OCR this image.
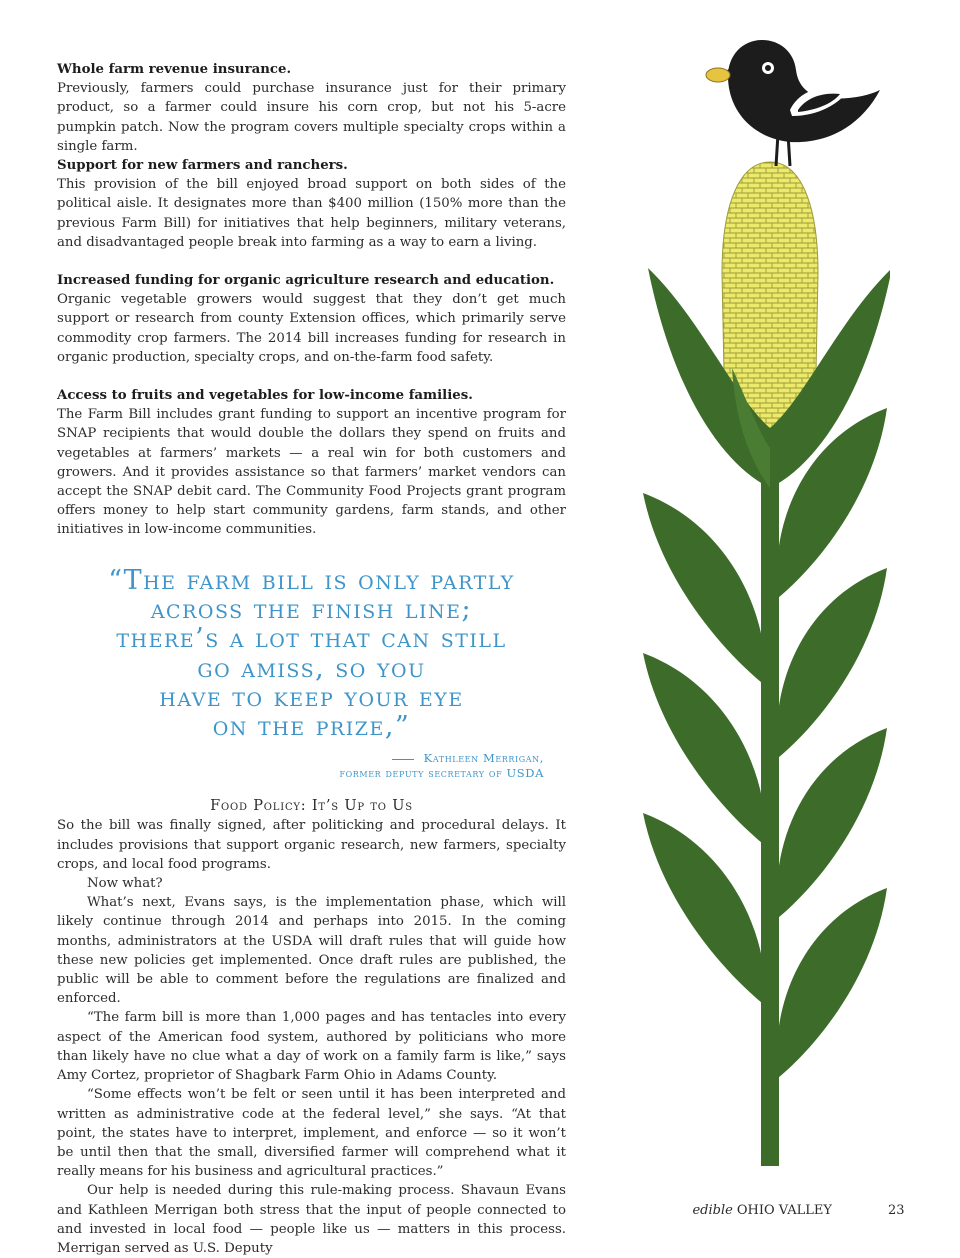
Whole farm revenue insurance.

Previously, farmers could purchase insurance just for their primary product, so a farmer could insure his corn crop, but not his 5-acre pumpkin patch. Now the program covers multiple specialty crops within a single farm.

Support for new farmers and ranchers.

This provision of the bill enjoyed broad support on both sides of the political aisle. It designates more than $400 million (150% more than the previous Farm Bill) for initiatives that help beginners, military veterans, and disadvantaged people break into farming as a way to earn a living.

Increased funding for organic agriculture research and education.

Organic vegetable growers would suggest that they don’t get much support or research from county Extension offices, which primarily serve commodity crop farmers. The 2014 bill increases funding for research in organic production, specialty crops, and on-the-farm food safety.

Access to fruits and vegetables for low-income families.

The Farm Bill includes grant funding to support an incentive program for SNAP recipients that would double the dollars they spend on fruits and vegetables at farmers’ markets — a real win for both customers and growers. And it provides assistance so that farmers’ market vendors can accept the SNAP debit card. The Community Food Projects grant program offers money to help start community gardens, farm stands, and other initiatives in low-income communities.

“The farm bill is only partly
across the finish line;
there’s a lot that can still
go amiss, so you
have to keep your eye
on the prize,”
Kathleen Merrigan,
former deputy secretary of USDA
Food Policy: It’s Up to Us

So the bill was finally signed, after politicking and procedural delays. It includes provisions that support organic research, new farmers, specialty crops, and local food programs.

Now what?

What’s next, Evans says, is the implementation phase, which will likely continue through 2014 and perhaps into 2015. In the coming months, administrators at the USDA will draft rules that will guide how these new policies get implemented. Once draft rules are published, the public will be able to comment before the regulations are finalized and enforced.

“The farm bill is more than 1,000 pages and has tentacles into every aspect of the American food system, authored by politicians who more than likely have no clue what a day of work on a family farm is like,” says Amy Cortez, proprietor of Shagbark Farm Ohio in Adams County.

“Some effects won’t be felt or seen until it has been interpreted and written as administrative code at the federal level,” she says. “At that point, the states have to interpret, implement, and enforce — so it won’t be until then that the small, diversified farmer will comprehend what it really means for his business and agricultural practices.”

Our help is needed during this rule-making process. Shavaun Evans and Kathleen Merrigan both stress that the input of people connected to and invested in local food — people like us — matters in this process. Merrigan served as U.S. Deputy

edible OHIO VALLEY	23
